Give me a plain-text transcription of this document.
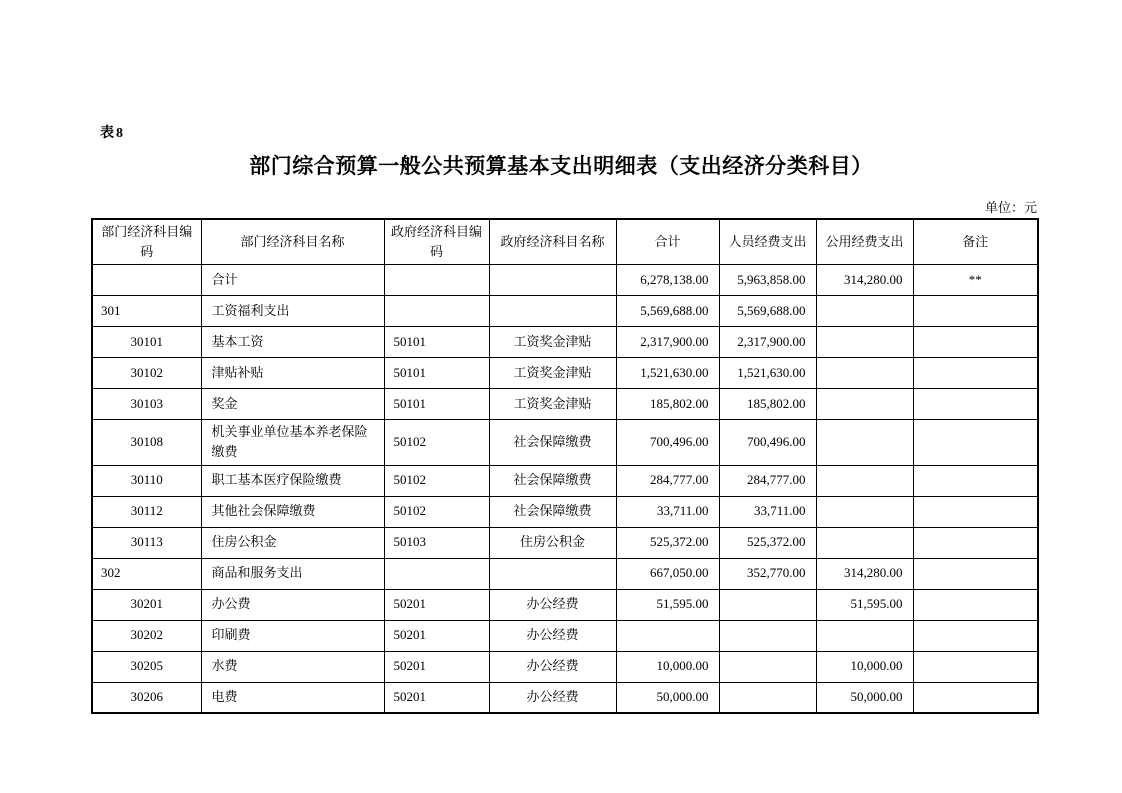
表8
部门综合预算一般公共预算基本支出明细表（支出经济分类科目）
单位：元
部门经济科目编码	部门经济科目名称	政府经济科目编码	政府经济科目名称	合计	人员经费支出	公用经费支出	备注
	合计			6,278,138.00	5,963,858.00	314,280.00	**
301	工资福利支出			5,569,688.00	5,569,688.00		
30101	基本工资	50101	工资奖金津贴	2,317,900.00	2,317,900.00		
30102	津贴补贴	50101	工资奖金津贴	1,521,630.00	1,521,630.00		
30103	奖金	50101	工资奖金津贴	185,802.00	185,802.00		
30108	机关事业单位基本养老保险缴费	50102	社会保障缴费	700,496.00	700,496.00		
30110	职工基本医疗保险缴费	50102	社会保障缴费	284,777.00	284,777.00		
30112	其他社会保障缴费	50102	社会保障缴费	33,711.00	33,711.00		
30113	住房公积金	50103	住房公积金	525,372.00	525,372.00		
302	商品和服务支出			667,050.00	352,770.00	314,280.00	
30201	办公费	50201	办公经费	51,595.00		51,595.00	
30202	印刷费	50201	办公经费				
30205	水费	50201	办公经费	10,000.00		10,000.00	
30206	电费	50201	办公经费	50,000.00		50,000.00	
